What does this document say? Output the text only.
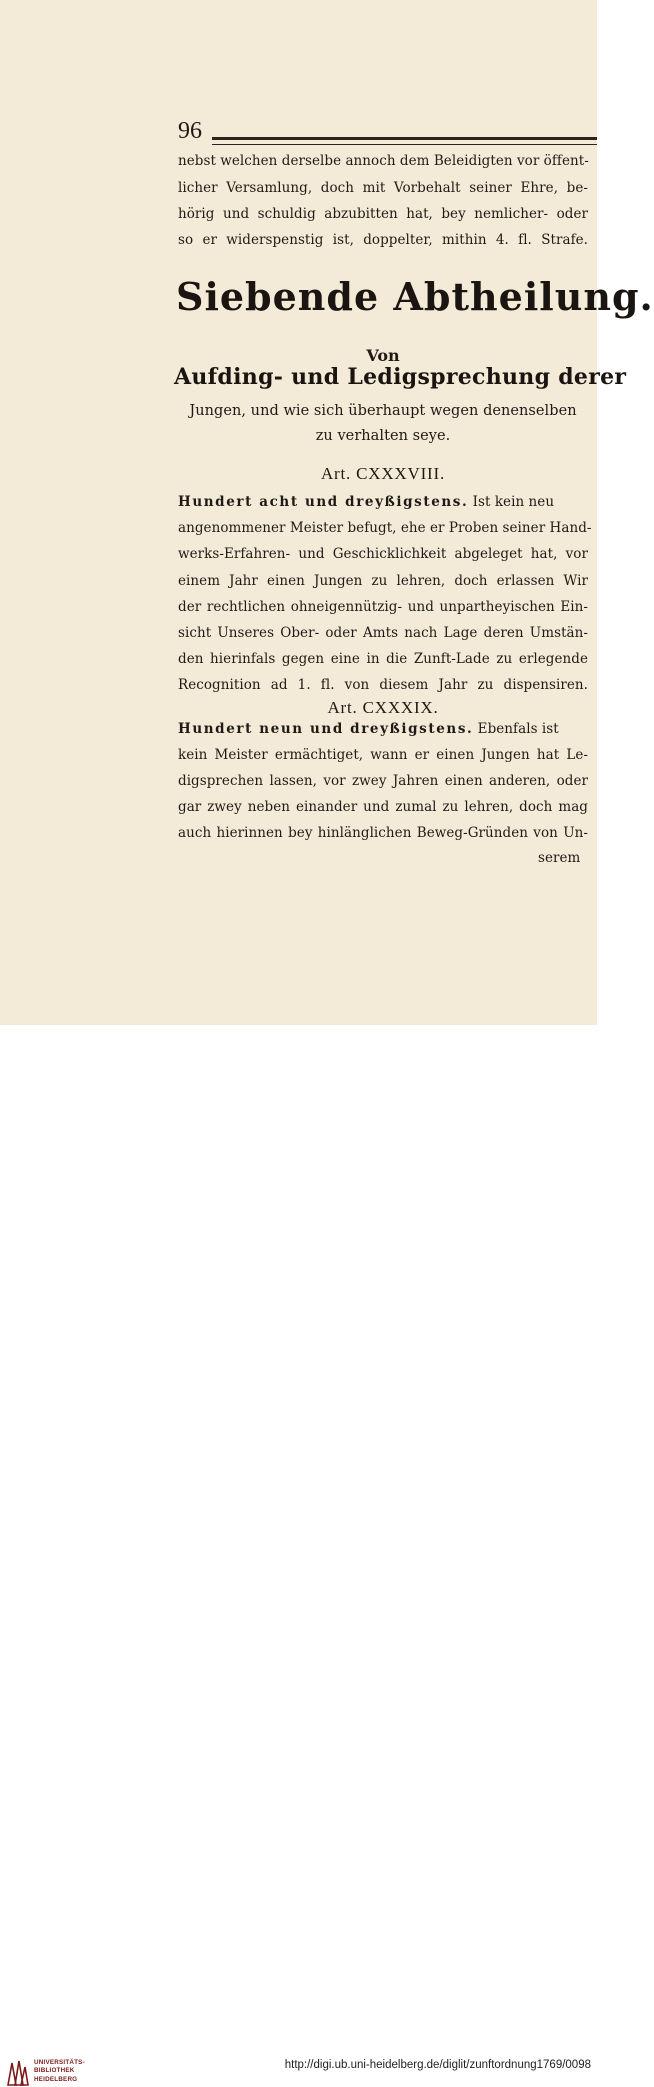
96
nebst welchen derselbe annoch dem Beleidigten vor öffent-
licher Versamlung, doch mit Vorbehalt seiner Ehre, be-
hörig und schuldig abzubitten hat, bey nemlicher- oder
so er widerspenstig ist, doppelter, mithin 4. fl. Strafe.
Siebende Abtheilung.
Von
Aufding- und Ledigsprechung derer
Jungen, und wie sich überhaupt wegen denenselben
zu verhalten seye.
Art. CXXXVIII.
Hundert acht und dreyßigstens. Ist kein neu
angenommener Meister befugt, ehe er Proben seiner Hand-
werks-Erfahren- und Geschicklichkeit abgeleget hat, vor
einem Jahr einen Jungen zu lehren, doch erlassen Wir
der rechtlichen ohneigennützig- und unpartheyischen Ein-
sicht Unseres Ober- oder Amts nach Lage deren Umstän-
den hierinfals gegen eine in die Zunft-Lade zu erlegende
Recognition ad 1. fl. von diesem Jahr zu dispensiren.
Art. CXXXIX.
Hundert neun und dreyßigstens. Ebenfals ist
kein Meister ermächtiget, wann er einen Jungen hat Le-
digsprechen lassen, vor zwey Jahren einen anderen, oder
gar zwey neben einander und zumal zu lehren, doch mag
auch hierinnen bey hinlänglichen Beweg-Gründen von Un-
serem
UNIVERSITÄTS-
BIBLIOTHEK
HEIDELBERG
http://digi.ub.uni-heidelberg.de/diglit/zunftordnung1769/0098
